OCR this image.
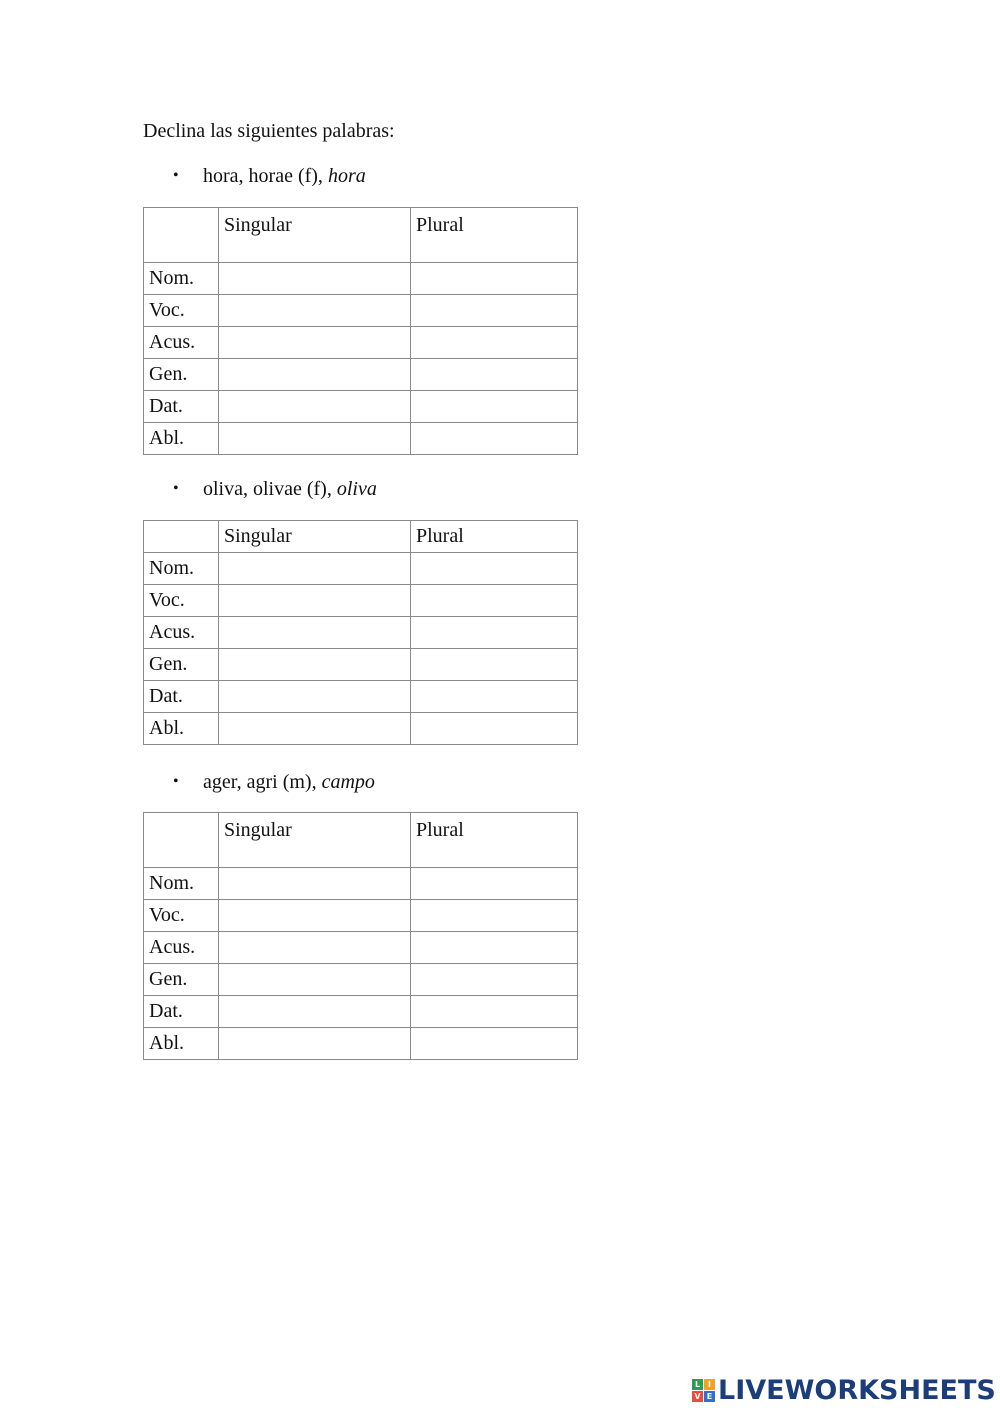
Declina las siguientes palabras:
• hora, horae (f), hora
	Singular	Plural
Nom.		
Voc.		
Acus.		
Gen.		
Dat.		
Abl.		
• oliva, olivae (f), oliva
	Singular	Plural
Nom.		
Voc.		
Acus.		
Gen.		
Dat.		
Abl.		
• ager, agri (m), campo
	Singular	Plural
Nom.		
Voc.		
Acus.		
Gen.		
Dat.		
Abl.		
L I
V E LIVEWORKSHEETS
